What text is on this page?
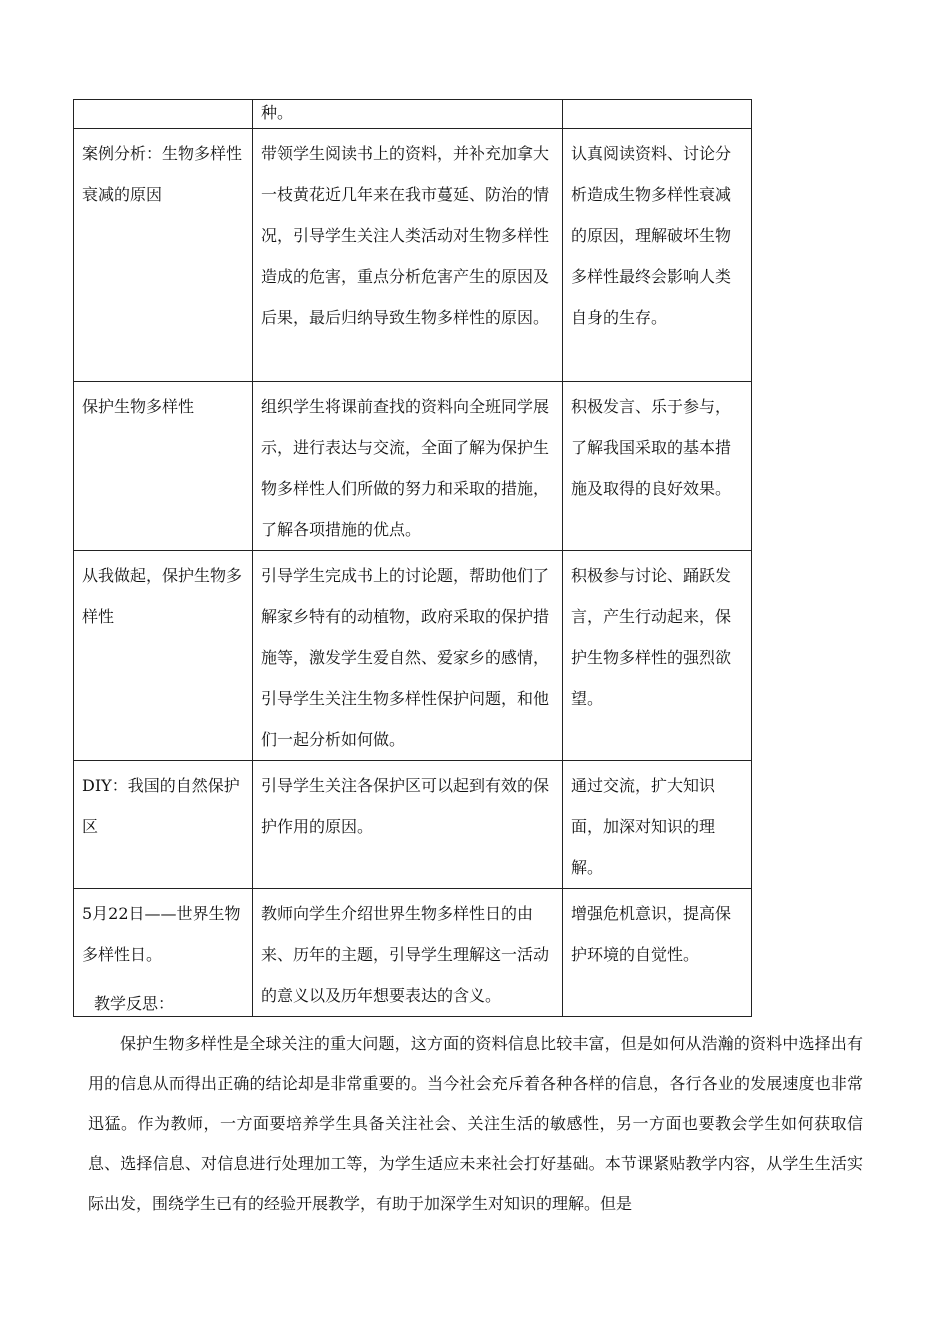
	种。	
案例分析：生物多样性衰减的原因	带领学生阅读书上的资料，并补充加拿大一枝黄花近几年来在我市蔓延、防治的情况，引导学生关注人类活动对生物多样性造成的危害，重点分析危害产生的原因及后果，最后归纳导致生物多样性的原因。	认真阅读资料、讨论分析造成生物多样性衰减的原因，理解破坏生物多样性最终会影响人类自身的生存。
保护生物多样性	组织学生将课前查找的资料向全班同学展示，进行表达与交流，全面了解为保护生物多样性人们所做的努力和采取的措施，了解各项措施的优点。	积极发言、乐于参与，了解我国采取的基本措施及取得的良好效果。
从我做起，保护生物多样性	引导学生完成书上的讨论题，帮助他们了解家乡特有的动植物，政府采取的保护措施等，激发学生爱自然、爱家乡的感情， 引导学生关注生物多样性保护问题，和他们一起分析如何做。	积极参与讨论、踊跃发言，产生行动起来，保护生物多样性的强烈欲望。
DIY：我国的自然保护区	引导学生关注各保护区可以起到有效的保护作用的原因。	通过交流，扩大知识面，加深对知识的理解。
5月22日——世界生物多样性日。	教师向学生介绍世界生物多样性日的由来、历年的主题，引导学生理解这一活动的意义以及历年想要表达的含义。	增强危机意识，提高保护环境的自觉性。
教学反思：

保护生物多样性是全球关注的重大问题，这方面的资料信息比较丰富，但是如何从浩瀚的资料中选择出有用的信息从而得出正确的结论却是非常重要的。当今社会充斥着各种各样的信息，各行各业的发展速度也非常迅猛。作为教师，一方面要培养学生具备关注社会、关注生活的敏感性，另一方面也要教会学生如何获取信息、选择信息、对信息进行处理加工等，为学生适应未来社会打好基础。本节课紧贴教学内容，从学生生活实际出发，围绕学生已有的经验开展教学，有助于加深学生对知识的理解。但是
